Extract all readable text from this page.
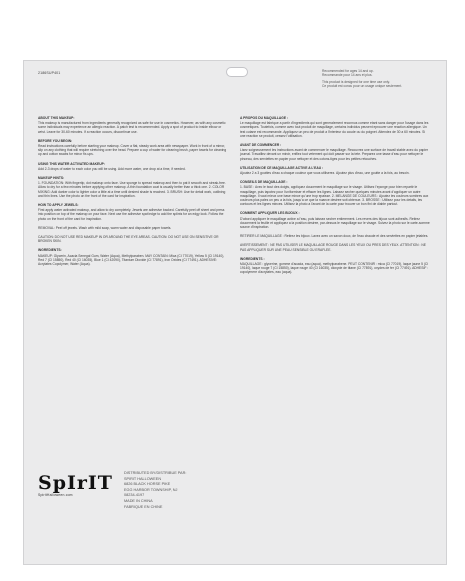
2186SUP401	Recommended for ages 14 and up.
Recommande pour 14 ans et plus.
This product is designed for one time use only.
Ce produit est concu pour un usage unique seulement.
ABOUT THIS MAKEUP:
This makeup is manufactured from ingredients generally recognized as safe for use in cosmetics. However, as with any cosmetic some individuals may experience an allergic reaction. A patch test is recommended. Apply a spot of product to inside elbow or wrist. Leave for 30-60 minutes. If a reaction occurs, discontinue use.
BEFORE YOU BEGIN:
Read instructions carefully before starting your makeup. Cover a flat, steady work area with newspaper. Work in front of a mirror, slip on any clothing that will require stretching over the head. Prepare a cup of water for cleaning brush, paper towels for cleaning up and cotton swabs for minor fix-ups.
USING THIS WATER ACTIVATED MAKEUP:
Add 2-3 drops of water to each color you will be using. Add more water, one drop at a time, if needed.
MAKEUP HINTS:
1. FOUNDATION: With fingertip, dot makeup onto face. Use sponge to spread makeup and then to pat it smooth and streak-free. Allow to dry for a few minutes before applying other makeup. A thin foundation coat is usually better than a thick one. 2. COLOR MIXING: Add darker color to lighter color a little at a time until desired shade is reached. 3. BRUSH: Use for detail work, outlining and thin lines. Use the photo on the front of the card for inspiration.
HOW TO APPLY JEWELS:
First apply water activated makeup, and allow to dry completely. Jewels are adhesive backed. Carefully peel off sheet and press into position on top of the makeup on your face. Next use the adhesive spot/edge to add the splints for an edgy look. Follow the photo on the front of the card for inspiration.
REMOVAL: Peel off jewels. Wash with mild soap, warm water and disposable paper towels.
CAUTION: DO NOT USE RED MAKEUP IN OR AROUND THE EYE AREAS. CAUTION: DO NOT USE ON SENSITIVE OR BROKEN SKIN.
INGREDIENTS:
MAKEUP: Glycerin, Acacia Senegal Gum, Water (Aqua), Methylparaben. MAY CONTAIN: Mica (CI 77019), Yellow 5 (CI 19140), Red 7 (CI 15850), Red 40 (CI 16035), Blue 1 (CI 42090), Titanium Dioxide (CI 77891), Iron Oxides (CI 77491). ADHESIVE: Acrylates Copolymer, Water (Aqua).
A PROPOS DU MAQUILLAGE :
Le maquillage est fabrique a partir d'ingredients qui sont generalement reconnus comme etant sans danger pour l'usage dans les cosmetiques. Toutefois, comme avec tout produit de maquillage, certains individus peuvent eprouver une reaction allergique. Un test cutane est recommande. Appliquez un peu de produit a l'interieur du coude ou du poignet. Attendez de 30 a 60 minutes. Si une reaction se produit, cessez l'utilisation.
AVANT DE COMMENCER :
Lisez soigneusement les instructions avant de commencer le maquillage. Recouvrez une surface de travail stable avec du papier journal. Travaillez devant un miroir, enfilez tout vetement qui doit passer sur la tete. Preparez une tasse d'eau pour nettoyer le pinceau, des serviettes en papier pour nettoyer et des cotons-tiges pour les petites retouches.
UTILISATION DE CE MAQUILLAGE ACTIVE A L'EAU :
Ajoutez 2 a 3 gouttes d'eau a chaque couleur que vous utiliserez. Ajoutez plus d'eau, une goutte a la fois, au besoin.
CONSEILS DE MAQUILLAGE :
1. BASE : Avec le bout des doigts, appliquez doucement le maquillage sur le visage. Utilisez l'eponge pour bien repartir le maquillage, puis tapotez pour l'uniformiser et effacer les lignes. Laissez secher quelques minutes avant d'appliquer un autre maquillage. Il vaut mieux une base mince qu'une trop epaisse. 2. MELANGE DE COULEURS : Ajoutez les couleurs sombres aux couleurs plus pales un peu a la fois, jusqu'a ce que la nuance desiree soit obtenue. 3. BROSSE : Utilisez pour les details, les contours et les lignes minces. Utilisez la photo a l'avant de la carte pour trouver un bon fini de diable partout.
COMMENT APPLIQUER LES BIJOUX :
D'abord appliquer le maquillage active a l'eau, puis laissez secher entierement. Les revers des bijoux sont adhesifs. Retirez doucement la feuille et appliquez a la position desiree, par-dessus le maquillage sur le visage. Suivez la photo sur le carte-somme source d'inspiration.
RETIRER LE MAQUILLAGE : Retirez les bijoux. Lavez avec un savon doux, de l'eau chaude et des serviettes en papier jetables.
AVERTISSEMENT : NE PAS UTILISER LE MAQUILLAGE ROUGE DANS LES YEUX OU PRES DES YEUX. ATTENTION : NE PAS APPLIQUER SUR UNE PEAU SENSIBLE OU ERAFLEE.
INGREDIENTS :
MAQUILLAGE : glycerine, gomme d'acacia, eau (aqua), methylparabene. PEUT CONTENIR : mica (CI 77019), laque jaune 5 (CI 19140), laque rouge 7 (CI 15850), laque rouge 40 (CI 16035), dioxyde de titane (CI 77891), oxydes de fer (CI 77491). ADHESIF : copolymere d'acrylates, eau (aqua).
SpIrIT
SpiritHalloween.com
DISTRIBUTED BY/DISTRIBUE PAR:
SPIRIT HALLOWEEN
6826 BLACK HORSE PIKE
EGG HARBOR TOWNSHIP, NJ
08234-4197
MADE IN CHINA
FABRIQUE EN CHINE
